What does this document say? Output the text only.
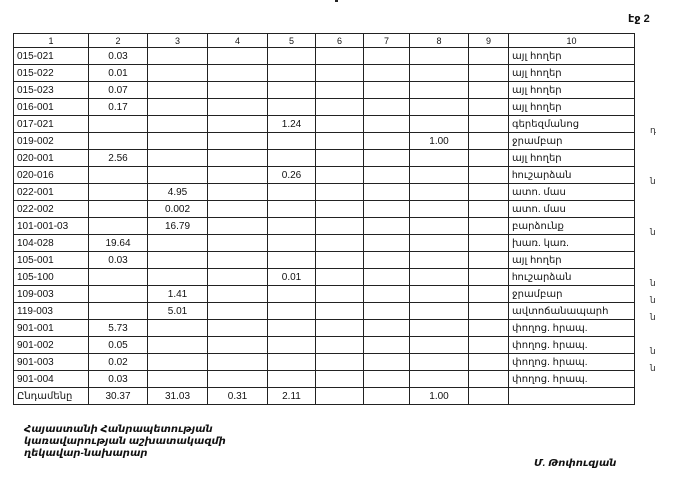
էջ 2
1	2	3	4	5	6	7	8	9	10
015-021	0.03								այլ հողեր
015-022	0.01								այլ հողեր
015-023	0.07								այլ հողեր
016-001	0.17								այլ հողեր
017-021				1.24					գերեզմանոց
019-002							1.00		ջրամբար
020-001	2.56								այլ հողեր
020-016				0.26					hուշարձան
022-001		4.95							ատո. մաս
022-002		0.002							ատո. մաս
101-001-03		16.79							բարձունք
104-028	19.64								խառ. կառ.
105-001	0.03								այլ հողեր
105-100				0.01					hուշարձան
109-003		1.41							ջրամբար
119-003		5.01							ավտոճանապարհ
901-001	5.73								փողոց. հրապ.
901-002	0.05								փողոց. հրապ.
901-003	0.02								փողոց. հրապ.
901-004	0.03								փողոց. հրապ.
Ընդամենը	30.37	31.03	0.31	2.11			1.00		
դ
ն
ն
ն
ն
ն
ն
ն
Հայաստանի Հանրապետության
կառավարության աշխատակազմի
ղեկավար-նախարար
Մ. Թոփուզյան
